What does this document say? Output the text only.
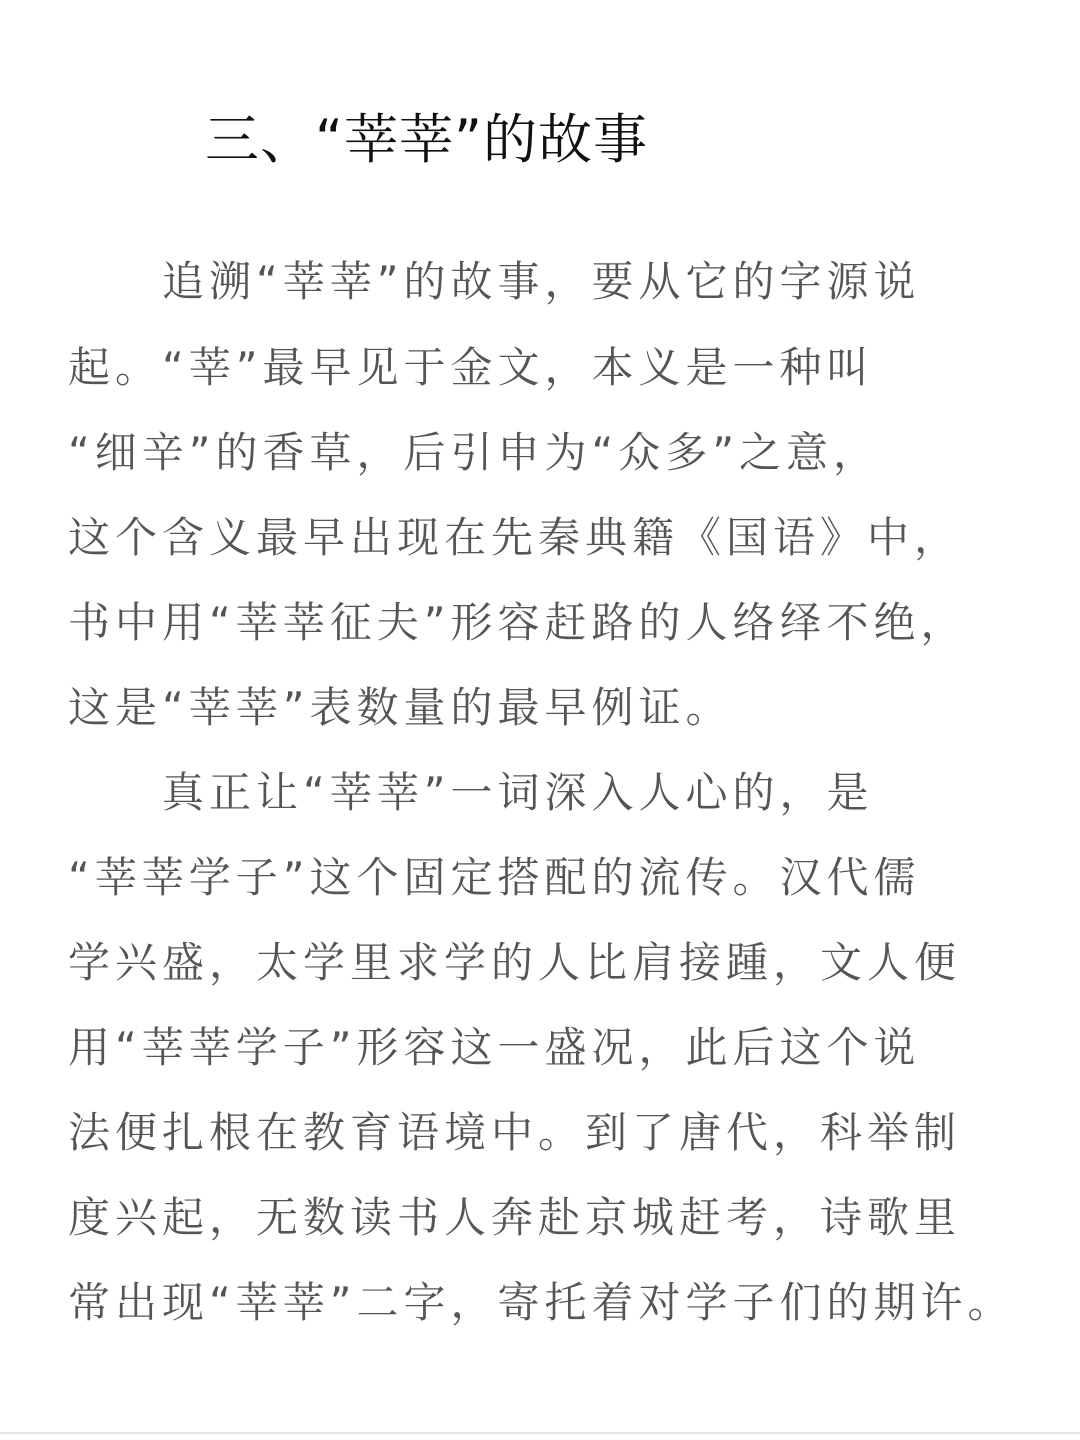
三、“莘莘”的故事
追溯“莘莘”的故事，要从它的字源说
起。“莘”最早见于金文，本义是一种叫
“细辛”的香草，后引申为“众多”之意，
这个含义最早出现在先秦典籍《国语》中，
书中用“莘莘征夫”形容赶路的人络绎不绝，
这是“莘莘”表数量的最早例证。
真正让“莘莘”一词深入人心的，是
“莘莘学子”这个固定搭配的流传。汉代儒
学兴盛，太学里求学的人比肩接踵，文人便
用“莘莘学子”形容这一盛况，此后这个说
法便扎根在教育语境中。到了唐代，科举制
度兴起，无数读书人奔赴京城赶考，诗歌里
常出现“莘莘”二字，寄托着对学子们的期许。
